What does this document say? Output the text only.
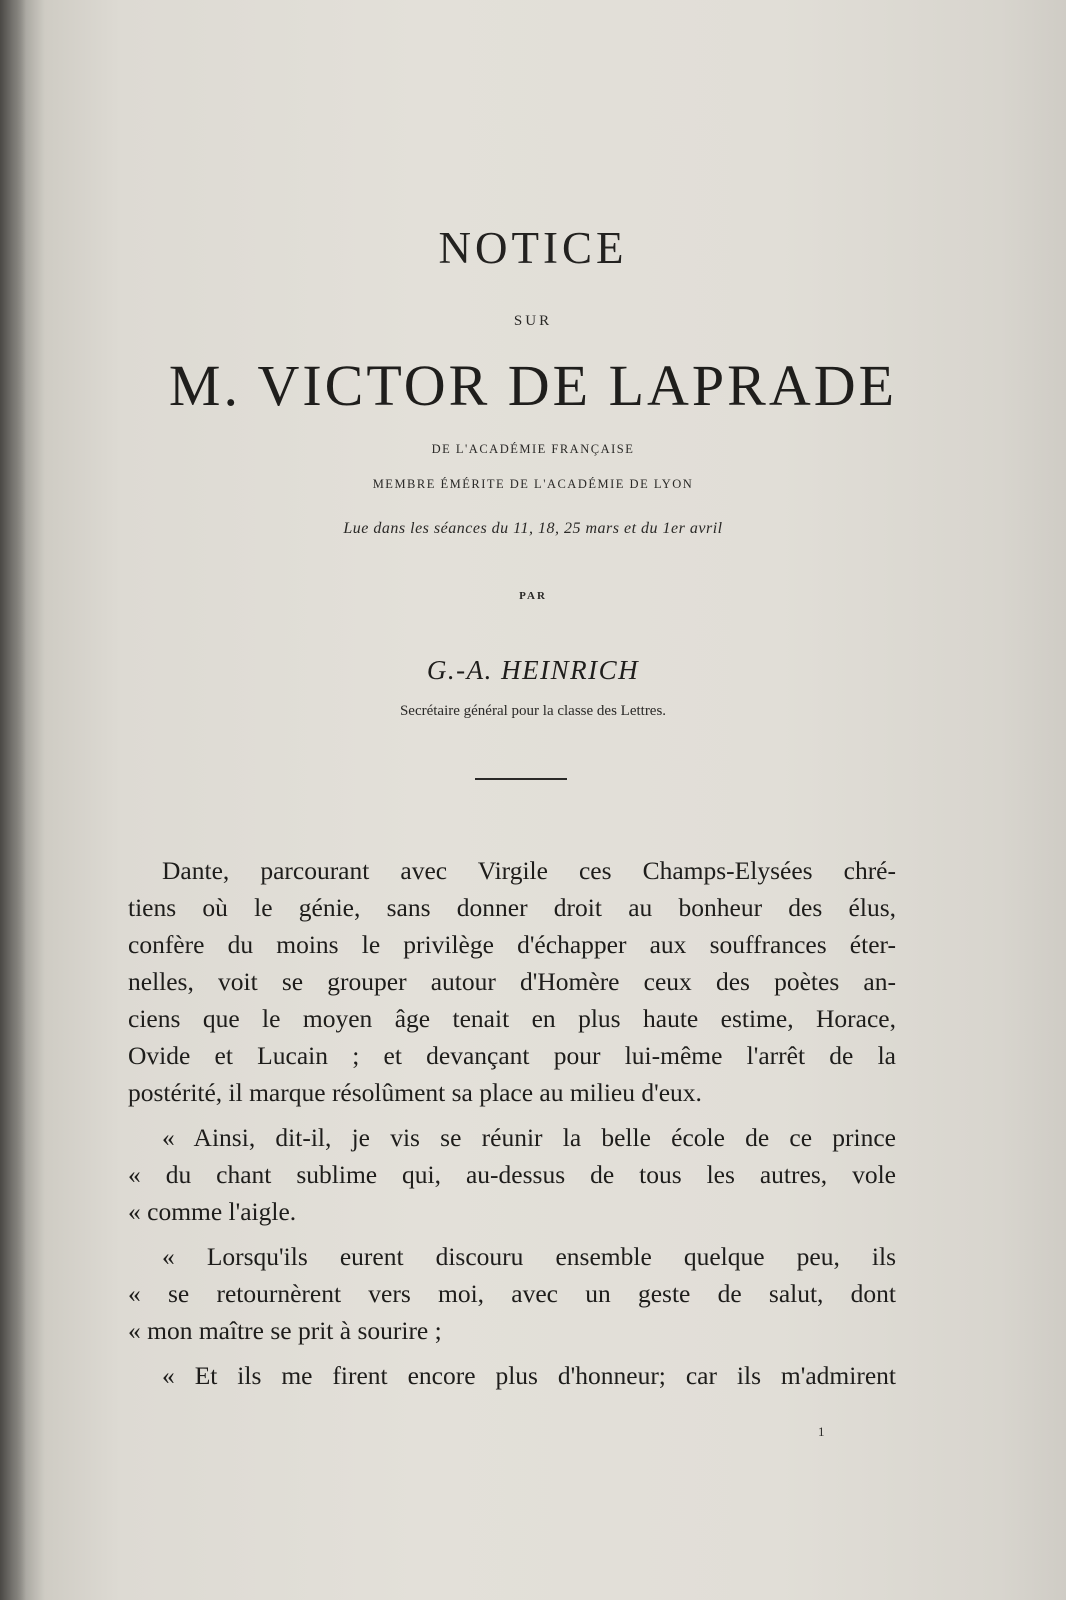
NOTICE
SUR
M. VICTOR DE LAPRADE
DE L'ACADÉMIE FRANÇAISE
MEMBRE ÉMÉRITE DE L'ACADÉMIE DE LYON
Lue dans les séances du 11, 18, 25 mars et du 1er avril
PAR
G.-A. HEINRICH
Secrétaire général pour la classe des Lettres.
Dante, parcourant avec Virgile ces Champs-Elysées chré-
tiens où le génie, sans donner droit au bonheur des élus,
confère du moins le privilège d'échapper aux souffrances éter-
nelles, voit se grouper autour d'Homère ceux des poètes an-
ciens que le moyen âge tenait en plus haute estime, Horace,
Ovide et Lucain ; et devançant pour lui-même l'arrêt de la
postérité, il marque résolûment sa place au milieu d'eux.
« Ainsi, dit-il, je vis se réunir la belle école de ce prince
« du chant sublime qui, au-dessus de tous les autres, vole
« comme l'aigle.
« Lorsqu'ils eurent discouru ensemble quelque peu, ils
« se retournèrent vers moi, avec un geste de salut, dont
« mon maître se prit à sourire ;
« Et ils me firent encore plus d'honneur; car ils m'admirent
1
